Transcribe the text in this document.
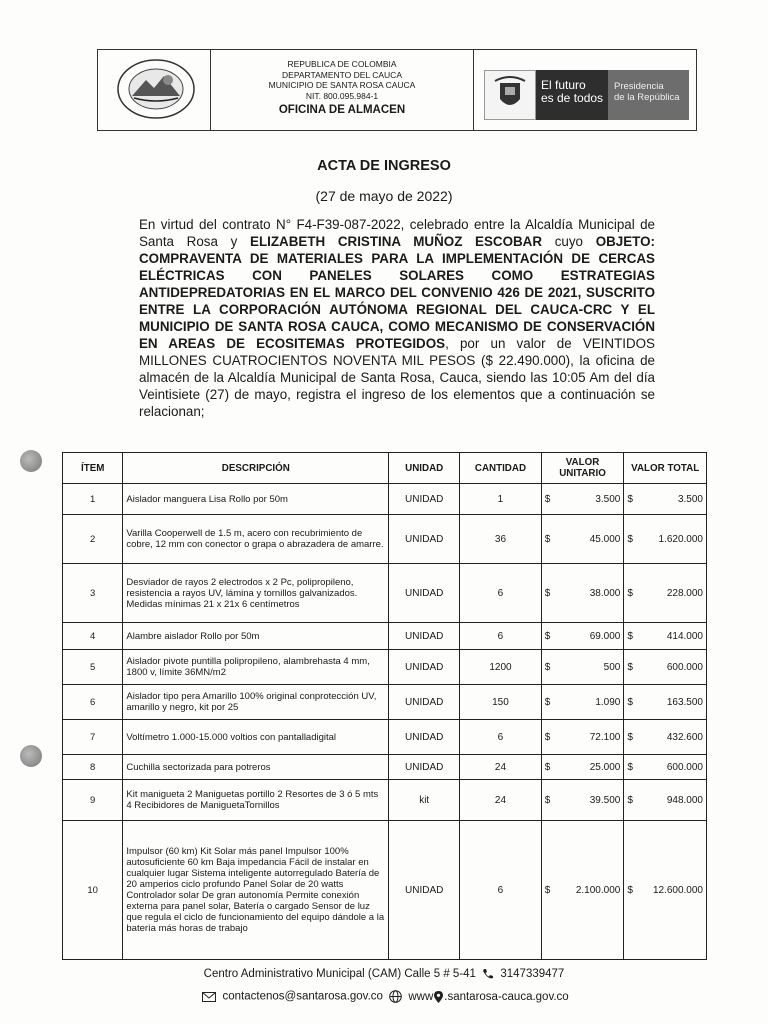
REPUBLICA DE COLOMBIA
DEPARTAMENTO DEL CAUCA
MUNICIPIO DE SANTA ROSA CAUCA
NIT. 800.095.984-1
OFICINA DE ALMACEN
El futuro
es de todos
Presidencia
de la República
ACTA DE INGRESO
(27 de mayo de 2022)
En virtud del contrato N° F4-F39-087-2022, celebrado entre la Alcaldía Municipal de Santa Rosa y ELIZABETH CRISTINA MUÑOZ ESCOBAR cuyo OBJETO: COMPRAVENTA DE MATERIALES PARA LA IMPLEMENTACIÓN DE CERCAS ELÉCTRICAS CON PANELES SOLARES COMO ESTRATEGIAS ANTIDEPREDATORIAS EN EL MARCO DEL CONVENIO 426 DE 2021, SUSCRITO ENTRE LA CORPORACIÓN AUTÓNOMA REGIONAL DEL CAUCA-CRC Y EL MUNICIPIO DE SANTA ROSA CAUCA, COMO MECANISMO DE CONSERVACIÓN EN AREAS DE ECOSITEMAS PROTEGIDOS, por un valor de VEINTIDOS MILLONES CUATROCIENTOS NOVENTA MIL PESOS ($ 22.490.000), la oficina de almacén de la Alcaldía Municipal de Santa Rosa, Cauca, siendo las 10:05 Am del día Veintisiete (27) de mayo, registra el ingreso de los elementos que a continuación se relacionan;
ÍTEM	DESCRIPCIÓN	UNIDAD	CANTIDAD	VALOR UNITARIO	VALOR TOTAL
1	Aislador manguera Lisa Rollo por 50m	UNIDAD	1	$ 3.500	$ 3.500

2	Varilla Cooperwell de 1.5 m, acero con recubrimiento de cobre, 12 mm con conector o grapa o abrazadera de amarre.	UNIDAD	36	$ 45.000	$ 1.620.000

3	Desviador de rayos 2 electrodos x 2 Pc, polipropileno, resistencia a rayos UV, lámina y tornillos galvanizados. Medidas mínimas 21 x 21x 6 centímetros	UNIDAD	6	$ 38.000	$ 228.000

4	Alambre aislador Rollo por 50m	UNIDAD	6	$ 69.000	$ 414.000

5	Aislador pivote puntilla polipropileno, alambrehasta 4 mm, 1800 v, límite 36MN/m2	UNIDAD	1200	$ 500	$ 600.000

6	Aislador tipo pera Amarillo 100% original conprotección UV, amarillo y negro, kit por 25	UNIDAD	150	$ 1.090	$ 163.500

7	Voltímetro 1.000-15.000 voltios con pantalladigital	UNIDAD	6	$ 72.100	$ 432.600

8	Cuchilla sectorizada para potreros	UNIDAD	24	$ 25.000	$ 600.000

9	Kit manigueta 2 Maniguetas portillo 2 Resortes de 3 ó 5 mts 4 Recibidores de ManiguetaTornillos	kit	24	$ 39.500	$ 948.000

10	Impulsor (60 km) Kit Solar más panel Impulsor 100% autosuficiente 60 km Baja impedancia Fácil de instalar en cualquier lugar Sistema inteligente autorregulado Batería de 20 amperios ciclo profundo Panel Solar de 20 watts Controlador solar De gran autonomía Permite conexión externa para panel solar, Batería o cargado Sensor de luz que regula el ciclo de funcionamiento del equipo dándole a la batería más horas de trabajo	UNIDAD	6	$ 2.100.000	$ 12.600.000
Centro Administrativo Municipal (CAM) Calle 5 # 5-41 3147339477
contactenos@santarosa.gov.co www .santarosa-cauca.gov.co
